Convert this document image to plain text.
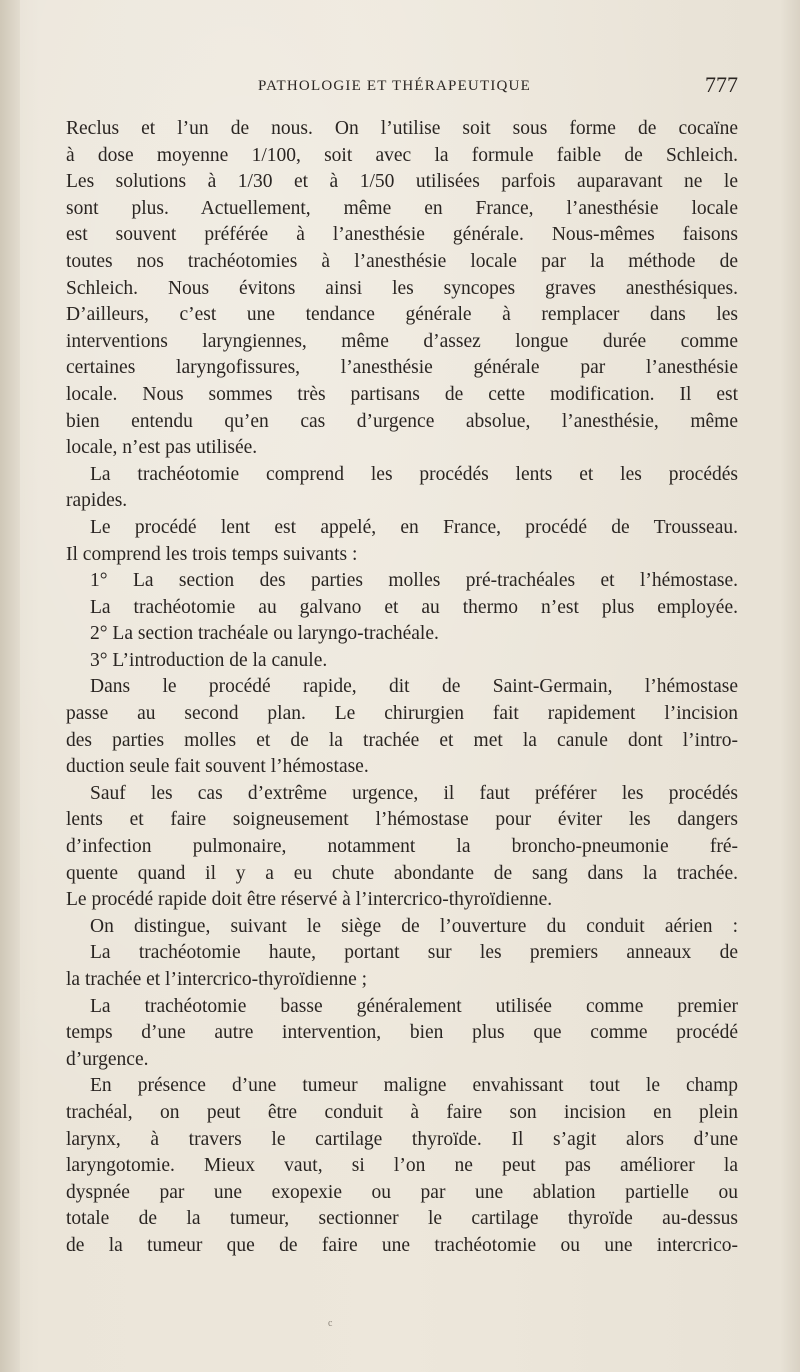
PATHOLOGIE ET THÉRAPEUTIQUE	777
Reclus et l’un de nous. On l’utilise soit sous forme de cocaïne
à dose moyenne 1/100, soit avec la formule faible de Schleich.
Les solutions à 1/30 et à 1/50 utilisées parfois auparavant ne le
sont plus. Actuellement, même en France, l’anesthésie locale
est souvent préférée à l’anesthésie générale. Nous-mêmes faisons
toutes nos trachéotomies à l’anesthésie locale par la méthode de
Schleich. Nous évitons ainsi les syncopes graves anesthésiques.
D’ailleurs, c’est une tendance générale à remplacer dans les
interventions laryngiennes, même d’assez longue durée comme
certaines laryngofissures, l’anesthésie générale par l’anesthésie
locale. Nous sommes très partisans de cette modification. Il est
bien entendu qu’en cas d’urgence absolue, l’anesthésie, même
locale, n’est pas utilisée.
La trachéotomie comprend les procédés lents et les procédés
rapides.
Le procédé lent est appelé, en France, procédé de Trousseau.
Il comprend les trois temps suivants :
1° La section des parties molles pré-trachéales et l’hémostase.
La trachéotomie au galvano et au thermo n’est plus employée.
2° La section trachéale ou laryngo-trachéale.
3° L’introduction de la canule.
Dans le procédé rapide, dit de Saint-Germain, l’hémostase
passe au second plan. Le chirurgien fait rapidement l’incision
des parties molles et de la trachée et met la canule dont l’intro-
duction seule fait souvent l’hémostase.
Sauf les cas d’extrême urgence, il faut préférer les procédés
lents et faire soigneusement l’hémostase pour éviter les dangers
d’infection pulmonaire, notamment la broncho-pneumonie fré-
quente quand il y a eu chute abondante de sang dans la trachée.
Le procédé rapide doit être réservé à l’intercrico-thyroïdienne.
On distingue, suivant le siège de l’ouverture du conduit aérien :
La trachéotomie haute, portant sur les premiers anneaux de
la trachée et l’intercrico-thyroïdienne ;
La trachéotomie basse généralement utilisée comme premier
temps d’une autre intervention, bien plus que comme procédé
d’urgence.
En présence d’une tumeur maligne envahissant tout le champ
trachéal, on peut être conduit à faire son incision en plein
larynx, à travers le cartilage thyroïde. Il s’agit alors d’une
laryngotomie. Mieux vaut, si l’on ne peut pas améliorer la
dyspnée par une exopexie ou par une ablation partielle ou
totale de la tumeur, sectionner le cartilage thyroïde au-dessus
de la tumeur que de faire une trachéotomie ou une intercrico-
c
